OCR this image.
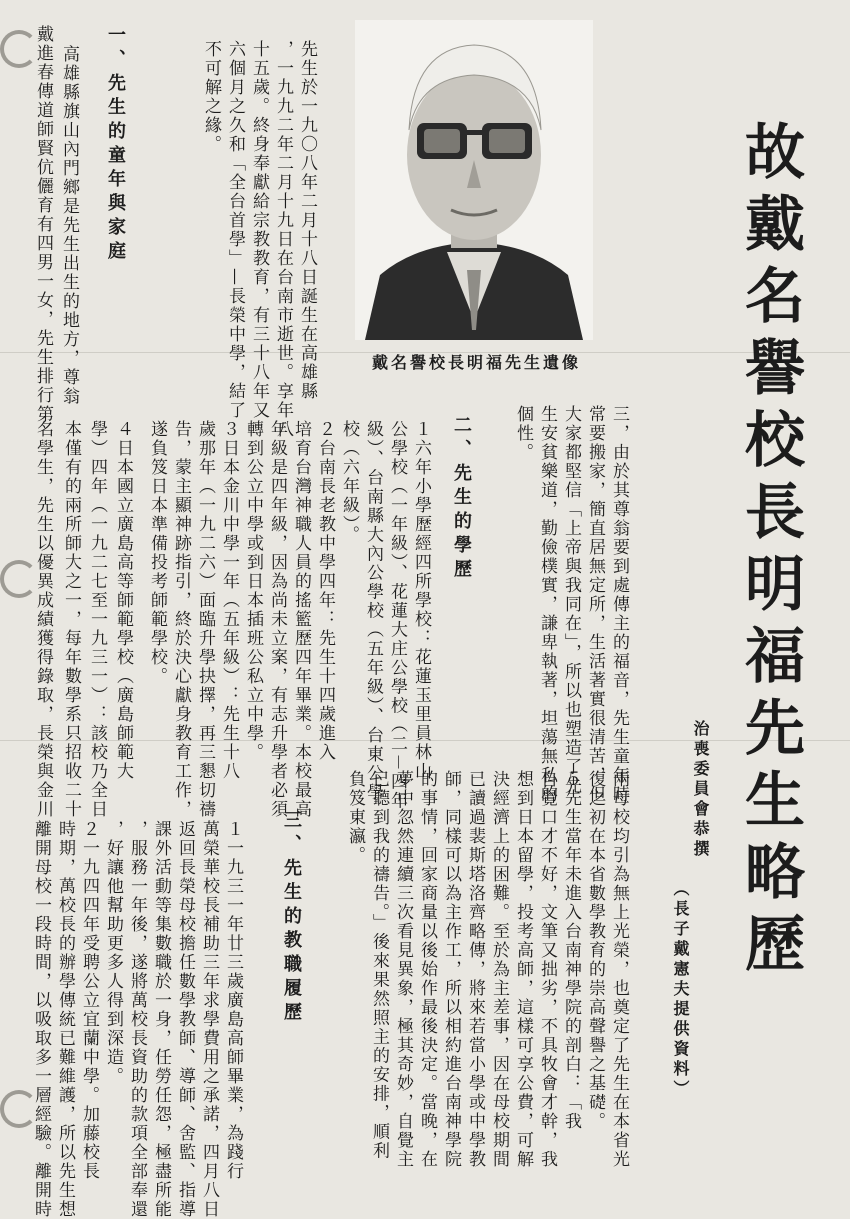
故戴名譽校長明福先生略歷
治喪委員會恭撰
（長子戴憲夫提供資料）
戴名譽校長明福先生遺像
一、先生的童年與家庭	先生於一九〇八年二月十八日誕生在高雄縣
，一九九二年二月十九日在台南市逝世。享年八
十五歲。終身奉獻給宗教教育，有三十八年又
六個月之久和「全台首學」—長榮中學，結了
不可解之緣。
高雄縣旗山內門鄉是先生出生的地方，尊翁
戴進春傳道師賢伉儷育有四男一女，先生排行第
三，由於其尊翁要到處傳主的福音，先生童年時
常要搬家，簡直居無定所，生活著實很清苦，但
大家都堅信「上帝與我同在」，所以也塑造了先
生安貧樂道，勤儉樸實，謙卑執著，坦蕩無私的
個性。
二、先生的學歷
１六年小學歷經四所學校：花蓮玉里員林山
公學校（一年級）、花蓮大庄公學校（二－四年
級）、台南縣大內公學校（五年級）、台東公學
校（六年級）。
２台南長老教中學四年：先生十四歲進入
培育台灣神職人員的搖籃歷四年畢業。本校最高
年級是四年級，因為尚未立案，有志升學者必須
轉到公立中學或到日本插班公私立中學。
３日本金川中學一年（五年級）：先生十八
歲那年（一九二六）面臨升學抉擇，再三懇切禱
告，蒙主顯神跡指引，終於決心獻身教育工作，
遂負笈日本準備投考師範學校。
４日本國立廣島高等師範學校（廣島師範大
學）四年（一九二七至一九三一）：該校乃全日
本僅有的兩所師大之一，每年數學系只招收二十
名學生，先生以優異成績獲得錄取，長榮與金川
兩母校均引為無上光榮，也奠定了先生在本省光
復之初在本省數學教育的崇高聲譽之基礎。
５先生當年未進入台南神學院的剖白：「我
自覺口才不好，文筆又拙劣，不具牧會才幹，我
想到日本留學，投考高師，這樣可享公費，可解
決經濟上的困難。至於為主差事，因在母校期間
已讀過裴斯塔洛齊略傳，將來若當小學或中學教
師，同樣可以為主作工，所以相約進台南神學院
的事情，回家商量以後始作最後決定。當晚，在
夢中忽然連續三次看見異象，極其奇妙，自覺主
已聽到我的禱告。」後來果然照主的安排，順利
負笈東瀛。
三、先生的教職履歷
１一九三一年廿三歲廣島高師畢業，為踐行
萬榮華校長補助三年求學費用之承諾，四月八日
返回長榮母校擔任數學教師、導師、舍監、指導
課外活動等集數職於一身，任勞任怨，極盡所能
，服務一年後，遂將萬校長資助的款項全部奉還
，好讓他幫助更多人得到深造。
２一九四四年受聘公立宜蘭中學。加藤校長
時期，萬校長的辦學傳統已難維護，所以先生想
離開母校一段時間，以吸取多一層經驗。離開時
